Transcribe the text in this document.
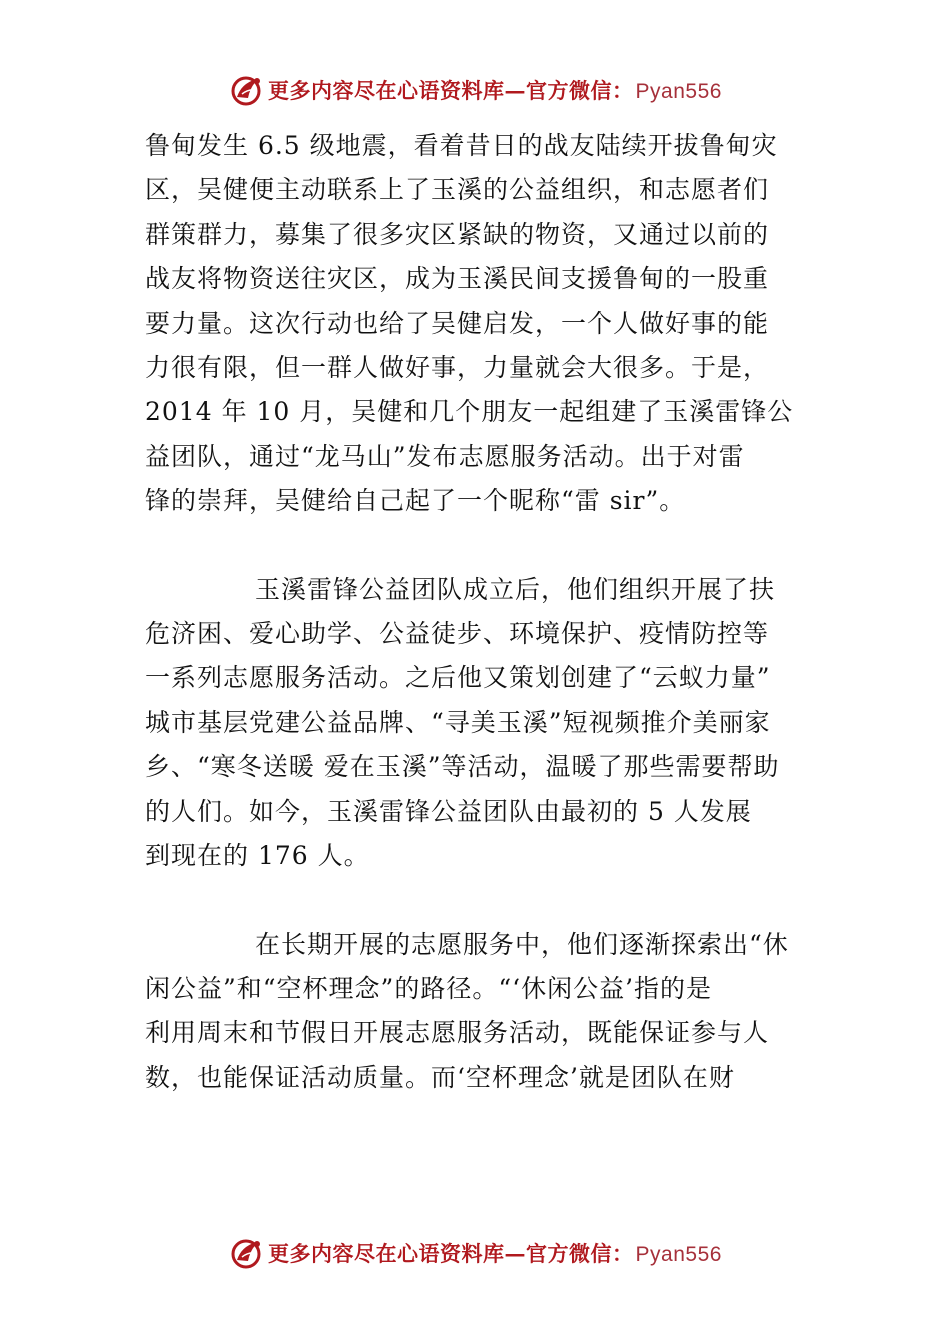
更多内容尽在心语资料库—官方微信：Pyan556

鲁甸发生 6.5 级地震，看着昔日的战友陆续开拔鲁甸灾
区，吴健便主动联系上了玉溪的公益组织，和志愿者们
群策群力，募集了很多灾区紧缺的物资，又通过以前的
战友将物资送往灾区，成为玉溪民间支援鲁甸的一股重
要力量。这次行动也给了吴健启发，一个人做好事的能
力很有限，但一群人做好事，力量就会大很多。于是，
2014 年 10 月，吴健和几个朋友一起组建了玉溪雷锋公
益团队，通过“龙马山”发布志愿服务活动。出于对雷
锋的崇拜，吴健给自己起了一个昵称“雷 sir”。

玉溪雷锋公益团队成立后，他们组织开展了扶
危济困、爱心助学、公益徒步、环境保护、疫情防控等
一系列志愿服务活动。之后他又策划创建了“云蚁力量”
城市基层党建公益品牌、“寻美玉溪”短视频推介美丽家
乡、“寒冬送暖 爱在玉溪”等活动，温暖了那些需要帮助
的人们。如今，玉溪雷锋公益团队由最初的 5 人发展
到现在的 176 人。

在长期开展的志愿服务中，他们逐渐探索出“休
闲公益”和“空杯理念”的路径。“‘休闲公益’指的是
利用周末和节假日开展志愿服务活动，既能保证参与人
数，也能保证活动质量。而‘空杯理念’就是团队在财

更多内容尽在心语资料库—官方微信：Pyan556
